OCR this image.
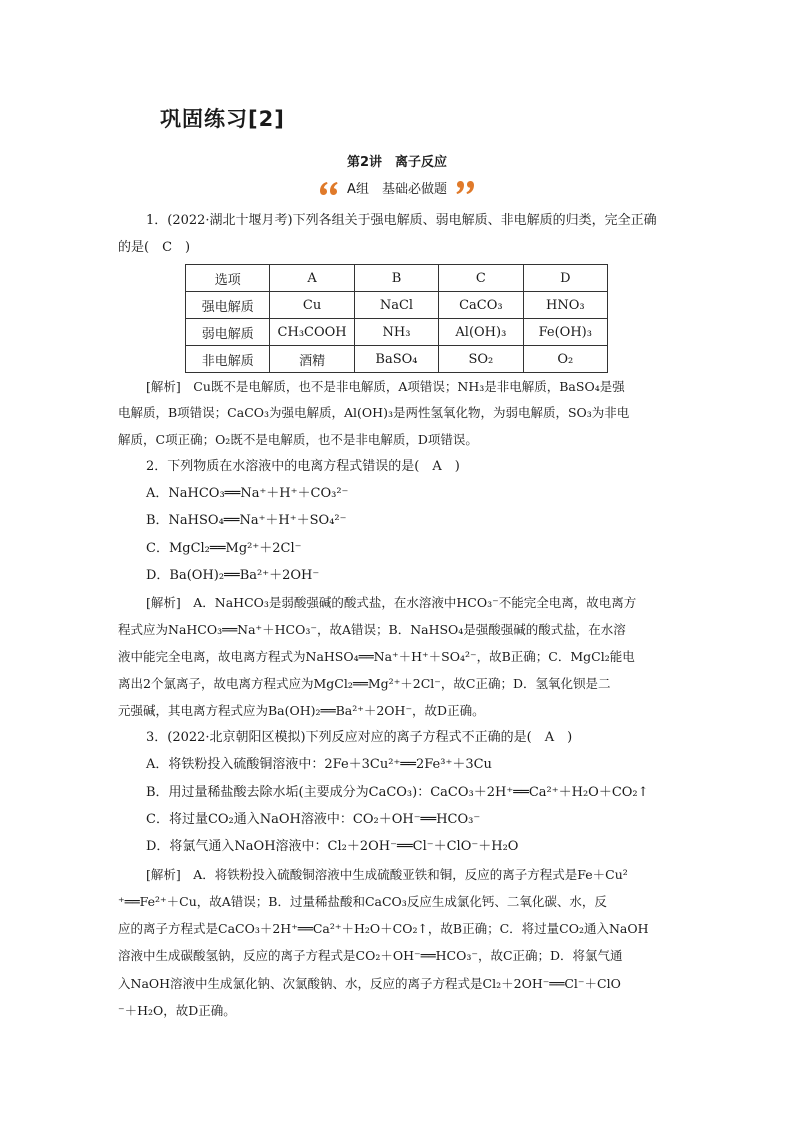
巩固练习[2]
第2讲　离子反应
A组　基础必做题
1．(2022·湖北十堰月考)下列各组关于强电解质、弱电解质、非电解质的归类，完全正确
的是(　C　)
选项	A	B	C	D
强电解质	Cu	NaCl	CaCO₃	HNO₃
弱电解质	CH₃COOH	NH₃	Al(OH)₃	Fe(OH)₃
非电解质	酒精	BaSO₄	SO₂	O₂
[解析]　Cu既不是电解质，也不是非电解质，A项错误；NH₃是非电解质，BaSO₄是强
电解质，B项错误；CaCO₃为强电解质，Al(OH)₃是两性氢氧化物，为弱电解质，SO₃为非电
解质，C项正确；O₂既不是电解质，也不是非电解质，D项错误。
2．下列物质在水溶液中的电离方程式错误的是(　A　)
A．NaHCO₃══Na⁺＋H⁺＋CO₃²⁻
B．NaHSO₄══Na⁺＋H⁺＋SO₄²⁻
C．MgCl₂══Mg²⁺＋2Cl⁻
D．Ba(OH)₂══Ba²⁺＋2OH⁻
[解析]　A．NaHCO₃是弱酸强碱的酸式盐，在水溶液中HCO₃⁻不能完全电离，故电离方
程式应为NaHCO₃══Na⁺＋HCO₃⁻，故A错误；B．NaHSO₄是强酸强碱的酸式盐，在水溶
液中能完全电离，故电离方程式为NaHSO₄══Na⁺＋H⁺＋SO₄²⁻，故B正确；C．MgCl₂能电
离出2个氯离子，故电离方程式应为MgCl₂══Mg²⁺＋2Cl⁻，故C正确；D．氢氧化钡是二
元强碱，其电离方程式应为Ba(OH)₂══Ba²⁺＋2OH⁻，故D正确。
3．(2022·北京朝阳区模拟)下列反应对应的离子方程式不正确的是(　A　)
A．将铁粉投入硫酸铜溶液中：2Fe＋3Cu²⁺══2Fe³⁺＋3Cu
B．用过量稀盐酸去除水垢(主要成分为CaCO₃)：CaCO₃＋2H⁺══Ca²⁺＋H₂O＋CO₂↑
C．将过量CO₂通入NaOH溶液中：CO₂＋OH⁻══HCO₃⁻
D．将氯气通入NaOH溶液中：Cl₂＋2OH⁻══Cl⁻＋ClO⁻＋H₂O
[解析]　A．将铁粉投入硫酸铜溶液中生成硫酸亚铁和铜，反应的离子方程式是Fe＋Cu²
⁺══Fe²⁺＋Cu，故A错误；B．过量稀盐酸和CaCO₃反应生成氯化钙、二氧化碳、水，反
应的离子方程式是CaCO₃＋2H⁺══Ca²⁺＋H₂O＋CO₂↑，故B正确；C．将过量CO₂通入NaOH
溶液中生成碳酸氢钠，反应的离子方程式是CO₂＋OH⁻══HCO₃⁻，故C正确；D．将氯气通
入NaOH溶液中生成氯化钠、次氯酸钠、水，反应的离子方程式是Cl₂＋2OH⁻══Cl⁻＋ClO
⁻＋H₂O，故D正确。
